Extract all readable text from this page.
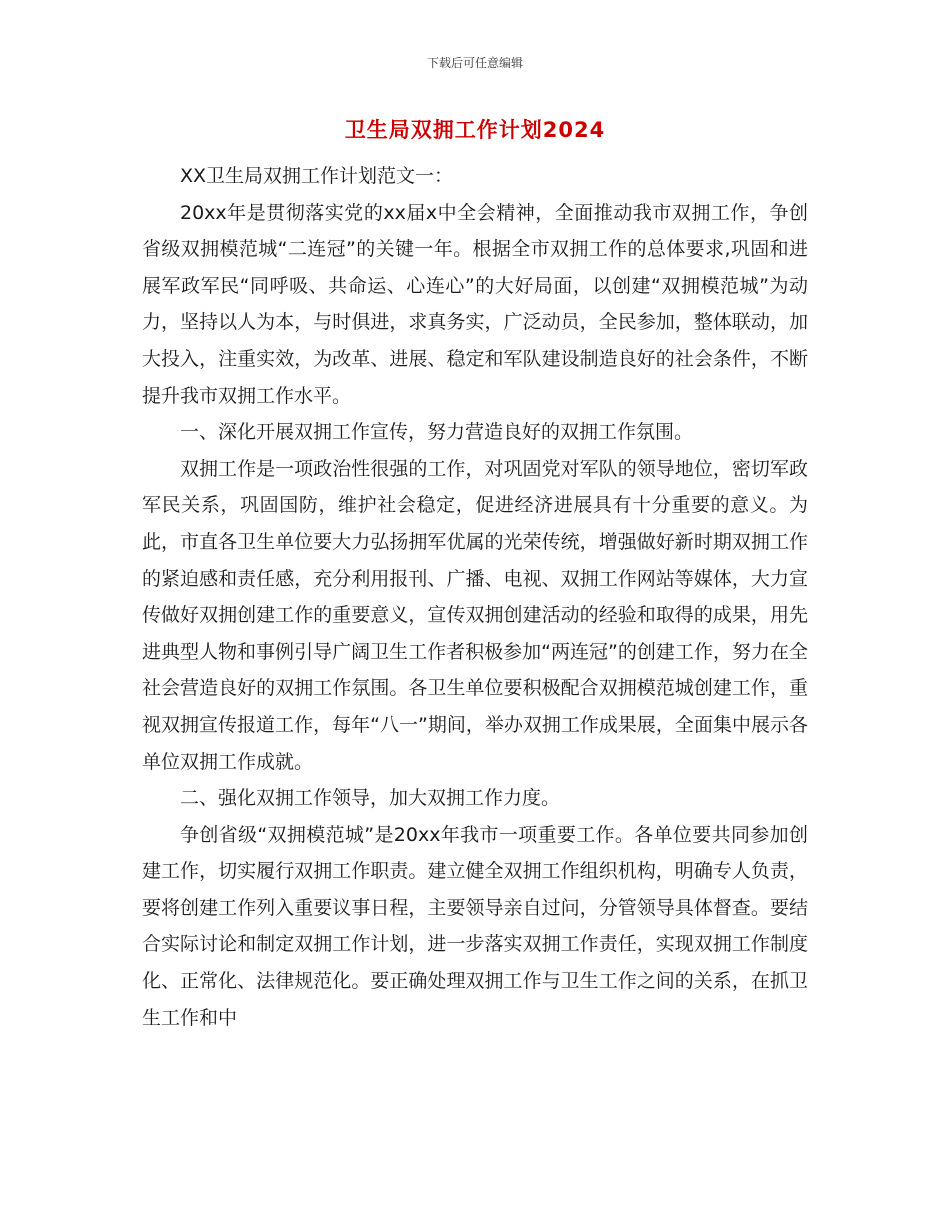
下载后可任意编辑
卫生局双拥工作计划2024

XX卫生局双拥工作计划范文一：

20xx年是贯彻落实党的xx届x中全会精神，全面推动我市双拥工作，争创省级双拥模范城“二连冠”的关键一年。根据全市双拥工作的总体要求,巩固和进展军政军民“同呼吸、共命运、心连心”的大好局面，以创建“双拥模范城”为动力，坚持以人为本，与时俱进，求真务实，广泛动员，全民参加，整体联动，加大投入，注重实效，为改革、进展、稳定和军队建设制造良好的社会条件，不断提升我市双拥工作水平。

一、深化开展双拥工作宣传，努力营造良好的双拥工作氛围。

双拥工作是一项政治性很强的工作，对巩固党对军队的领导地位，密切军政军民关系，巩固国防，维护社会稳定，促进经济进展具有十分重要的意义。为此，市直各卫生单位要大力弘扬拥军优属的光荣传统，增强做好新时期双拥工作的紧迫感和责任感，充分利用报刊、广播、电视、双拥工作网站等媒体，大力宣传做好双拥创建工作的重要意义，宣传双拥创建活动的经验和取得的成果，用先进典型人物和事例引导广阔卫生工作者积极参加“两连冠”的创建工作，努力在全社会营造良好的双拥工作氛围。各卫生单位要积极配合双拥模范城创建工作，重视双拥宣传报道工作，每年“八一”期间，举办双拥工作成果展，全面集中展示各单位双拥工作成就。

二、强化双拥工作领导，加大双拥工作力度。

争创省级“双拥模范城”是20xx年我市一项重要工作。各单位要共同参加创建工作，切实履行双拥工作职责。建立健全双拥工作组织机构，明确专人负责，要将创建工作列入重要议事日程，主要领导亲自过问，分管领导具体督查。要结合实际讨论和制定双拥工作计划，进一步落实双拥工作责任，实现双拥工作制度化、正常化、法律规范化。要正确处理双拥工作与卫生工作之间的关系，在抓卫生工作和中
